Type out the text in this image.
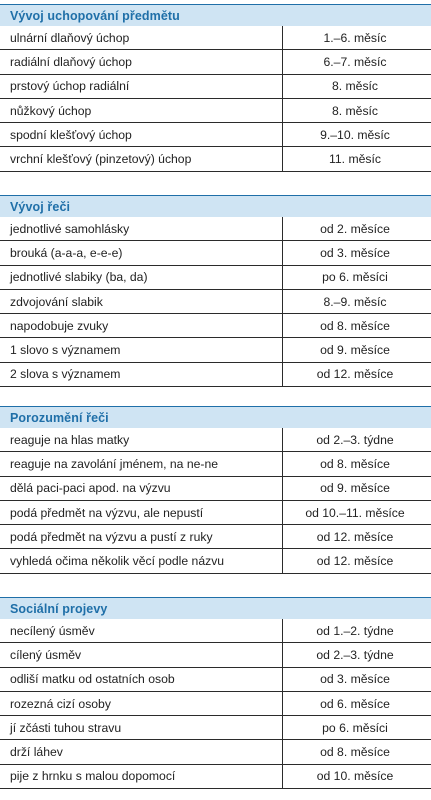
Vývoj uchopování předmětu
ulnární dlaňový úchop	1.–6. měsíc
radiální dlaňový úchop	6.–7. měsíc
prstový úchop radiální	8. měsíc
nůžkový úchop	8. měsíc
spodní klešťový úchop	9.–10. měsíc
vrchní klešťový (pinzetový) úchop	11. měsíc
Vývoj řeči
jednotlivé samohlásky	od 2. měsíce
brouká (a-a-a, e-e-e)	od 3. měsíce
jednotlivé slabiky (ba, da)	po 6. měsíci
zdvojování slabik	8.–9. měsíc
napodobuje zvuky	od 8. měsíce
1 slovo s významem	od 9. měsíce
2 slova s významem	od 12. měsíce
Porozumění řeči
reaguje na hlas matky	od 2.–3. týdne
reaguje na zavolání jménem, na ne-ne	od 8. měsíce
dělá paci-paci apod. na výzvu	od 9. měsíce
podá předmět na výzvu, ale nepustí	od 10.–11. měsíce
podá předmět na výzvu a pustí z ruky	od 12. měsíce
vyhledá očima několik věcí podle názvu	od 12. měsíce
Sociální projevy
necílený úsměv	od 1.–2. týdne
cílený úsměv	od 2.–3. týdne
odliší matku od ostatních osob	od 3. měsíce
rozezná cizí osoby	od 6. měsíce
jí zčásti tuhou stravu	po 6. měsíci
drží láhev	od 8. měsíce
pije z hrnku s malou dopomocí	od 10. měsíce
